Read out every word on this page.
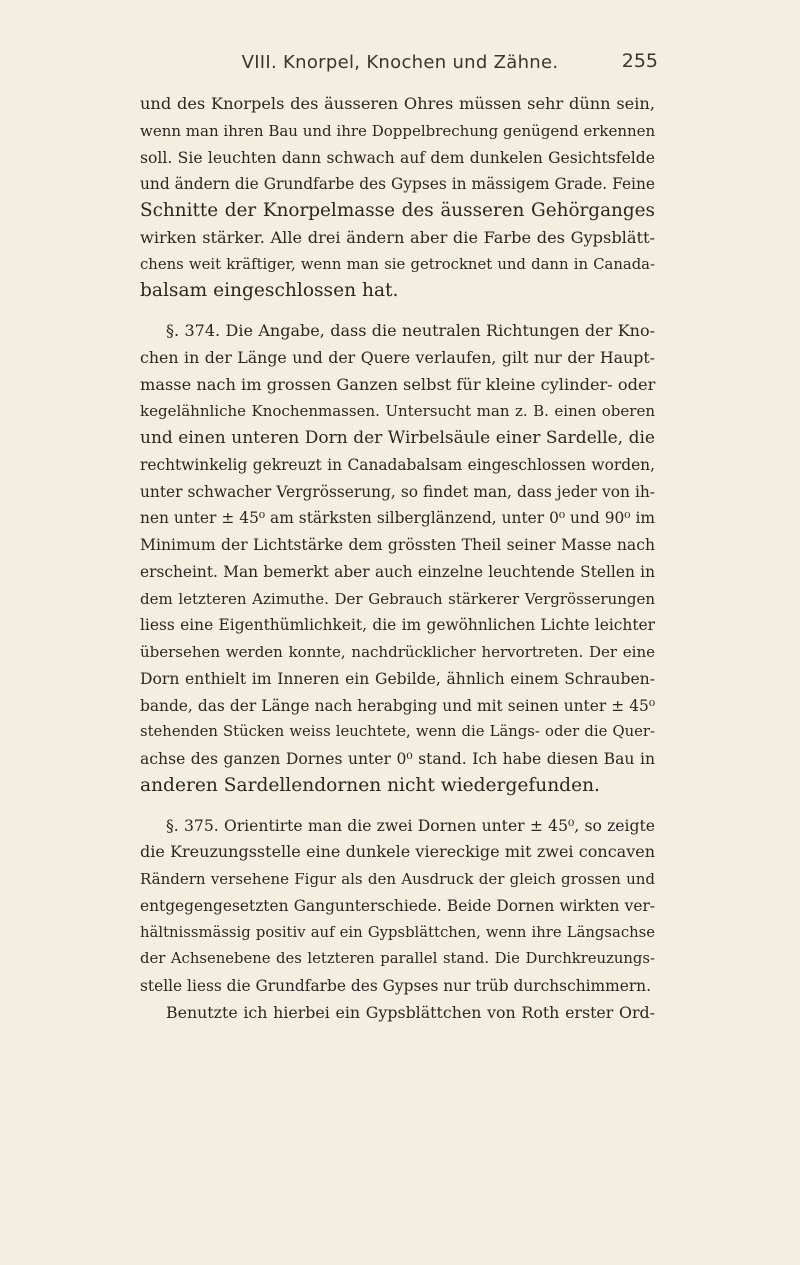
VIII. Knorpel, Knochen und Zähne.	255
und des Knorpels des äusseren Ohres müssen sehr dünn sein,
wenn man ihren Bau und ihre Doppelbrechung genügend erkennen
soll. Sie leuchten dann schwach auf dem dunkelen Gesichtsfelde
und ändern die Grundfarbe des Gypses in mässigem Grade. Feine
Schnitte der Knorpelmasse des äusseren Gehörganges
wirken stärker. Alle drei ändern aber die Farbe des Gypsblätt-
chens weit kräftiger, wenn man sie getrocknet und dann in Canada-
balsam eingeschlossen hat.
§. 374. Die Angabe, dass die neutralen Richtungen der Kno-
chen in der Länge und der Quere verlaufen, gilt nur der Haupt-
masse nach im grossen Ganzen selbst für kleine cylinder- oder
kegelähnliche Knochenmassen. Untersucht man z. B. einen oberen
und einen unteren Dorn der Wirbelsäule einer Sardelle, die
rechtwinkelig gekreuzt in Canadabalsam eingeschlossen worden,
unter schwacher Vergrösserung, so findet man, dass jeder von ih-
nen unter ± 45⁰ am stärksten silberglänzend, unter 0⁰ und 90⁰ im
Minimum der Lichtstärke dem grössten Theil seiner Masse nach
erscheint. Man bemerkt aber auch einzelne leuchtende Stellen in
dem letzteren Azimuthe. Der Gebrauch stärkerer Vergrösserungen
liess eine Eigenthümlichkeit, die im gewöhnlichen Lichte leichter
übersehen werden konnte, nachdrücklicher hervortreten. Der eine
Dorn enthielt im Inneren ein Gebilde, ähnlich einem Schrauben-
bande, das der Länge nach herabging und mit seinen unter ± 45⁰
stehenden Stücken weiss leuchtete, wenn die Längs- oder die Quer-
achse des ganzen Dornes unter 0⁰ stand. Ich habe diesen Bau in
anderen Sardellendornen nicht wiedergefunden.
§. 375. Orientirte man die zwei Dornen unter ± 45⁰, so zeigte
die Kreuzungsstelle eine dunkele viereckige mit zwei concaven
Rändern versehene Figur als den Ausdruck der gleich grossen und
entgegengesetzten Gangunterschiede. Beide Dornen wirkten ver-
hältnissmässig positiv auf ein Gypsblättchen, wenn ihre Längsachse
der Achsenebene des letzteren parallel stand. Die Durchkreuzungs-
stelle liess die Grundfarbe des Gypses nur trüb durchschimmern.
Benutzte ich hierbei ein Gypsblättchen von Roth erster Ord-
